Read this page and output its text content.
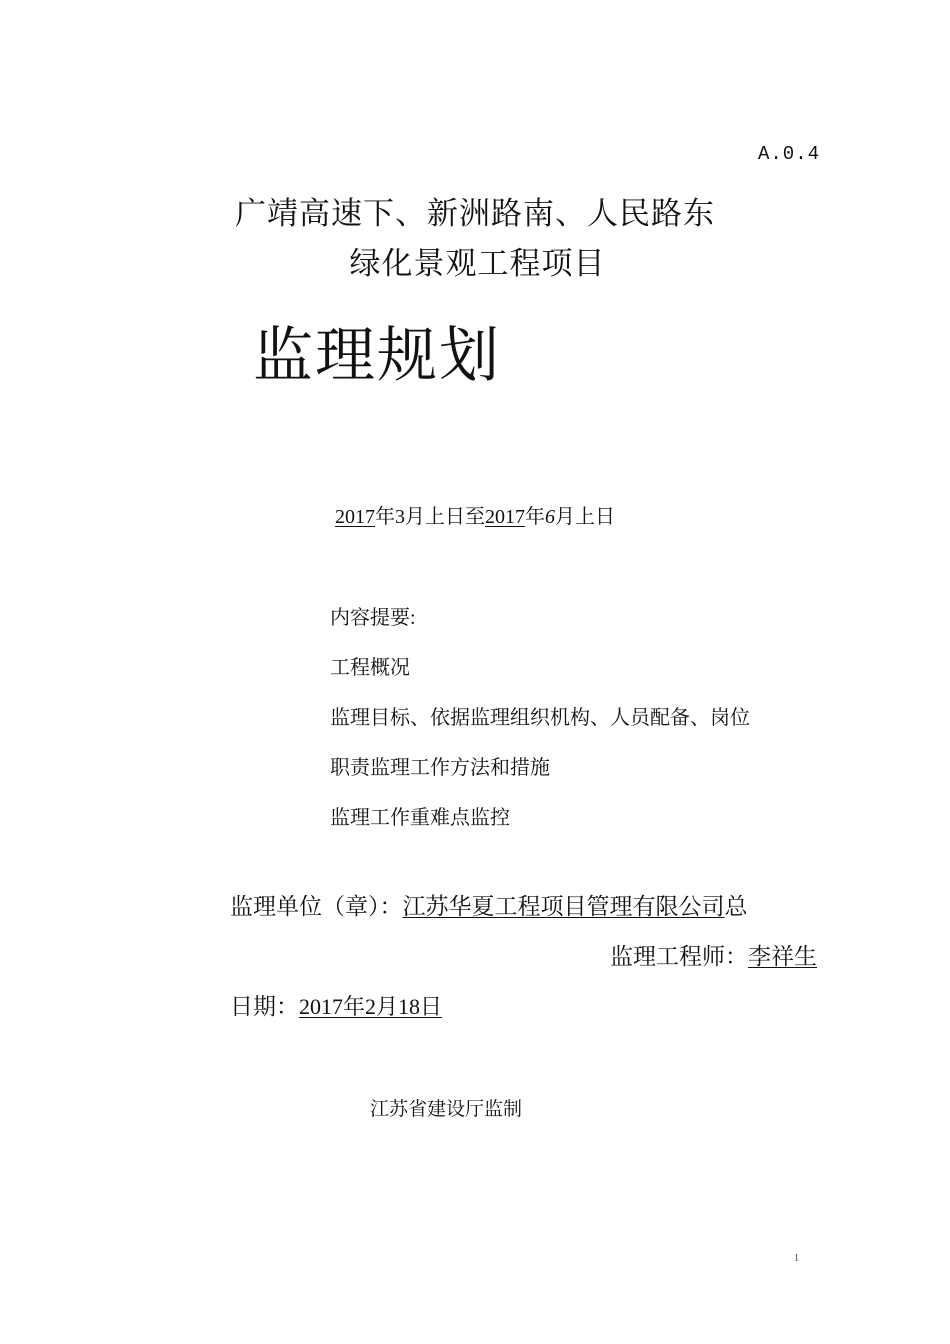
A.0.4
广靖高速下、新洲路南、人民路东
绿化景观工程项目
监理规划
2017年3月上日至2017年6月上日
内容提要:
工程概况
监理目标、依据监理组织机构、人员配备、岗位
职责监理工作方法和措施
监理工作重难点监控
监理单位（章）：江苏华夏工程项目管理有限公司总
监理工程师：李祥生
日期：2017年2月18日
江苏省建设厅监制
1
